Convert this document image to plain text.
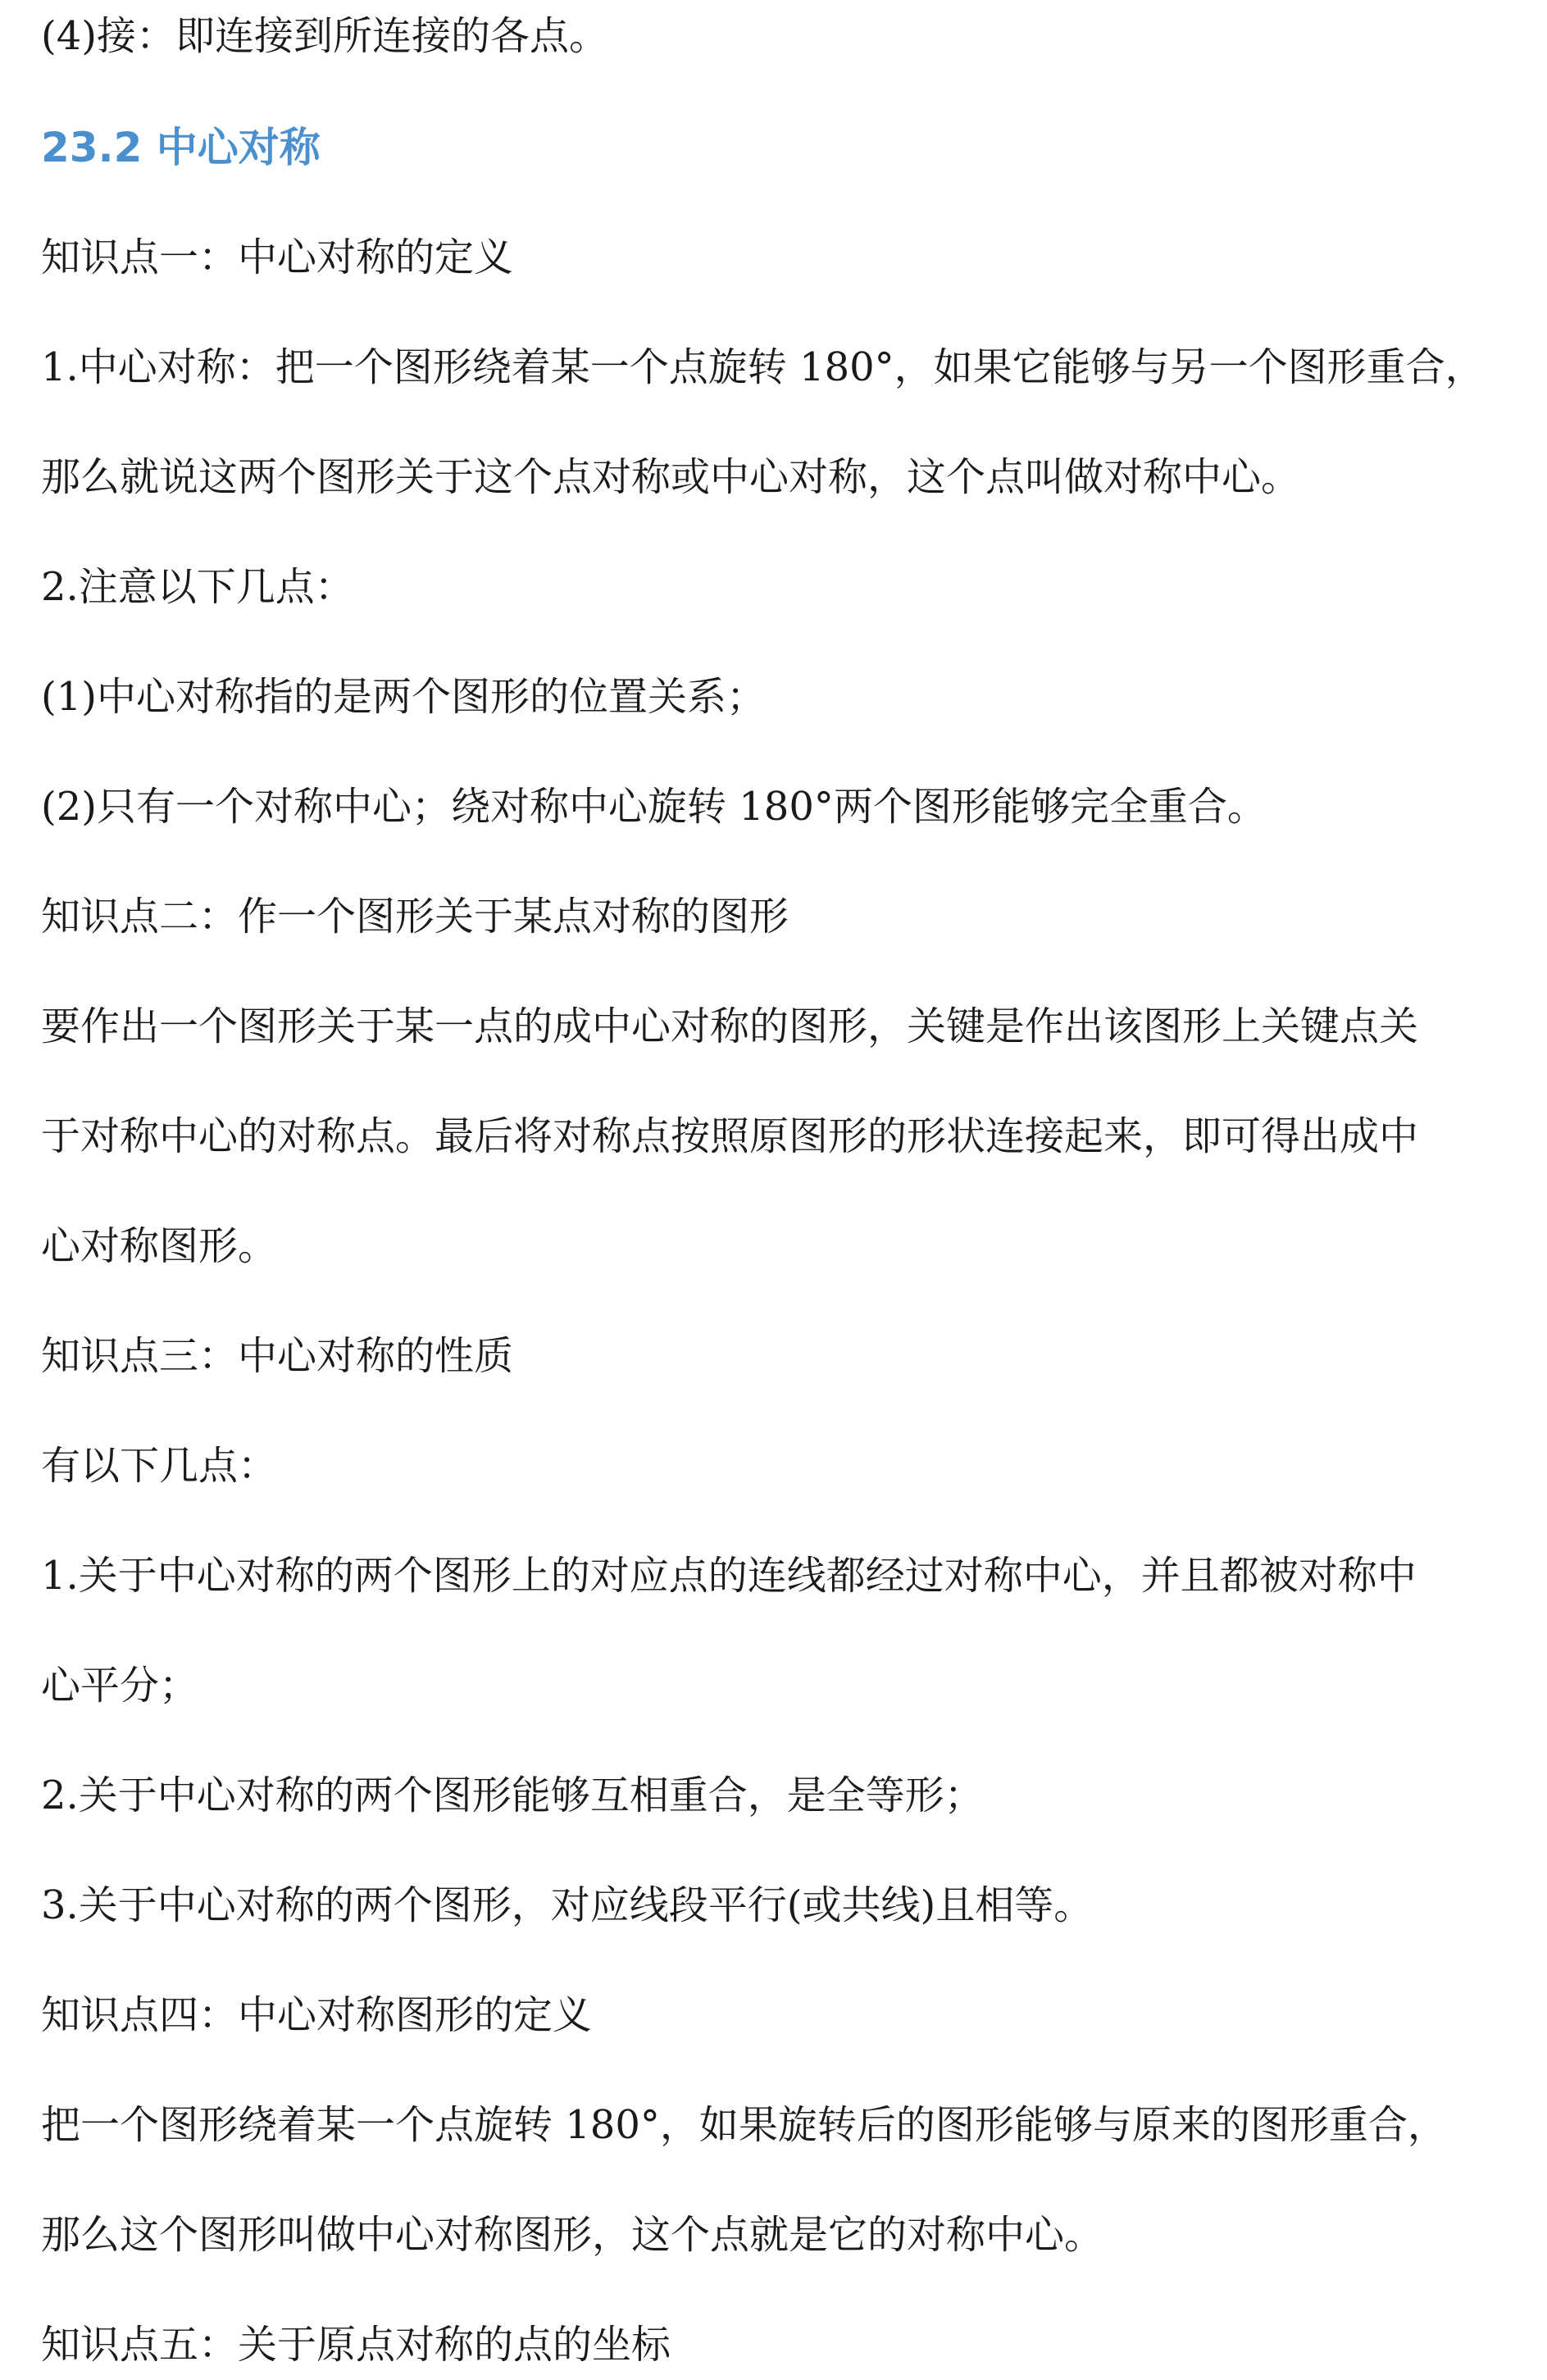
(4)接：即连接到所连接的各点。
23.2 中心对称
知识点一：中心对称的定义
1.中心对称：把一个图形绕着某一个点旋转 180°，如果它能够与另一个图形重合，
那么就说这两个图形关于这个点对称或中心对称，这个点叫做对称中心。
2.注意以下几点：
(1)中心对称指的是两个图形的位置关系；
(2)只有一个对称中心；绕对称中心旋转 180°两个图形能够完全重合。
知识点二：作一个图形关于某点对称的图形
要作出一个图形关于某一点的成中心对称的图形，关键是作出该图形上关键点关
于对称中心的对称点。最后将对称点按照原图形的形状连接起来，即可得出成中
心对称图形。
知识点三：中心对称的性质
有以下几点：
1.关于中心对称的两个图形上的对应点的连线都经过对称中心，并且都被对称中
心平分；
2.关于中心对称的两个图形能够互相重合，是全等形；
3.关于中心对称的两个图形，对应线段平行(或共线)且相等。
知识点四：中心对称图形的定义
把一个图形绕着某一个点旋转 180°，如果旋转后的图形能够与原来的图形重合，
那么这个图形叫做中心对称图形，这个点就是它的对称中心。
知识点五：关于原点对称的点的坐标
